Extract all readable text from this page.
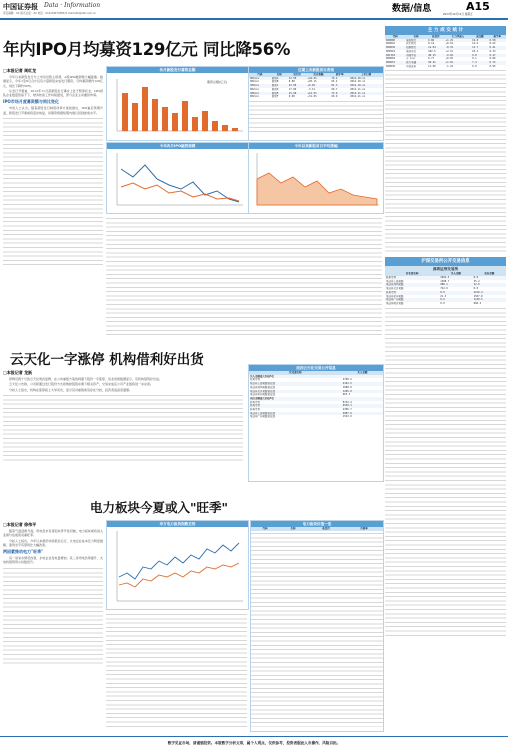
中国证券报 Data · Information
责任编辑：XX 版式总监：XX 电话：010-63070384 E-mail:zzb@zzb.com.cn	数据/信息	A15
2013年10月11日 星期五
年内IPO月均募资129亿元 同比降56%
□本报记者 周红龙

今年以来新股发行与上市双双陷入停滞，A股IPO融资额大幅萎缩。数据显示，今年1至9月合计仅有少量新股完成发行募资，月均募资额约129亿元，同比下降约56%。

从发行节奏看，2012年11月起新股发行事实上处于暂停状态，IPO排队企业数量居高不下，财务核查工作持续推进，部分企业主动撤回申请。

IPO市场月度募资额与同比变化

市场人士认为，随着新股发行制度改革方案的推出，IPO重启预期升温，新股发行节奏或将逐步恢复，但募资规模短期内难以回到此前水平。

各月新股发行募资总额
募资总额(亿元)
近期上市新股首日表现
代码	名称	发行价	首日涨幅	换手率	上市日期
002xxx	新股A	12.50	+44.0%	76.2	2012-10-xx
002xxx	新股B	8.80	+20.1%	65.4	2012-10-xx
300xxx	新股C	22.00	+9.8%	81.3	2012-10-xx
002xxx	新股D	17.00	-3.1%	60.7	2012-11-xx
300xxx	新股E	15.60	+12.5%	72.0	2012-11-xx
002xxx	新股F	9.90	+31.0%	69.9	2012-11-xx
今年各月IPO融资规模	今年以来新股首日平均涨幅
云天化一字涨停 机构借利好出货
□本报记者 龙跃

停牌近两个月的云天化周四复牌，在公布重组方案的刺激下股价一字涨停，但龙虎榜数据显示，有机构借利好出货。

云天化公告称，公司拟通过发行股份方式收购控股股东旗下相关资产，交易完成后公司产业链将进一步完善。

分析人士指出，机构在涨停板上大举卖出，显示其对重组前景存在分歧，投资者追高需谨慎。

周四云天化交易公开信息
营业部名称	买入金额
买入金额最大的前5名	
机构专用	3760.2
某证券上海某路营业部	2101.5
某证券深圳某路营业部	1688.9
某证券北京某路营业部	1205.0
某证券杭州某路营业部	963.3
卖出金额最大的前5名	
机构专用	8722.4
机构专用	6550.1
机构专用	4306.7
某证券上海某路营业部	2087.6
某证券广州某路营业部	1523.9
电力板块今夏或入"旺季"
□本报记者 徐伟平

随着气温逐渐升高，用电需求有望迎来季节性回暖，电力板块或将进入业绩与估值的双重旺季。

分析人士指出，今年以来煤价持续低位运行，火电企业成本压力明显缓解，盈利水平有望同比大幅改善。

两因素推动电力"旺季"

其一是来水情况改善，水电企业发电量增加；其二是用电负荷提升，火电机组利用小时数回升。

申万电力板块指数走势	电力板块估值一览
代码	名称	收盘价	市盈率
主 力 成 交 统 计
代码	名称	收盘价	主力净流入	成交额	换手率
600000	浦发银行	9.86	+1.2%	19.8	0.58
600016	民生银行	8.12	+0.5%	14.6	0.62
600036	招商银行	12.04	-0.3%	11.7	0.41
600519	贵州茅台	182.5	+2.1%	10.2	0.33
601318	中国平安	40.15	-0.8%	9.8	0.47
000002	万 科Ａ	8.77	+0.9%	9.1	0.86
000651	格力电器	30.21	+1.6%	7.4	0.72
600030	中信证券	11.90	-1.2%	6.9	0.95
沪深交易所公开交易信息
深圳证券交易所
营业部名称	买入金额	卖出金额
机构专用	1652.3	0.0
某证券上海某路	1208.7	35.2
某证券深圳某路	988.1	12.6
某证券北京某路	742.9	0.0
机构专用	0.0	2210.4
某证券杭州某路	21.3	1567.8
某证券广州某路	8.6	1120.5
某证券南京某路	0.0	906.2
数字见证市场，请谨慎投资。本版数字分析文章，属个人观点，仅供参考，投资者据此入市操作，风险自担。
